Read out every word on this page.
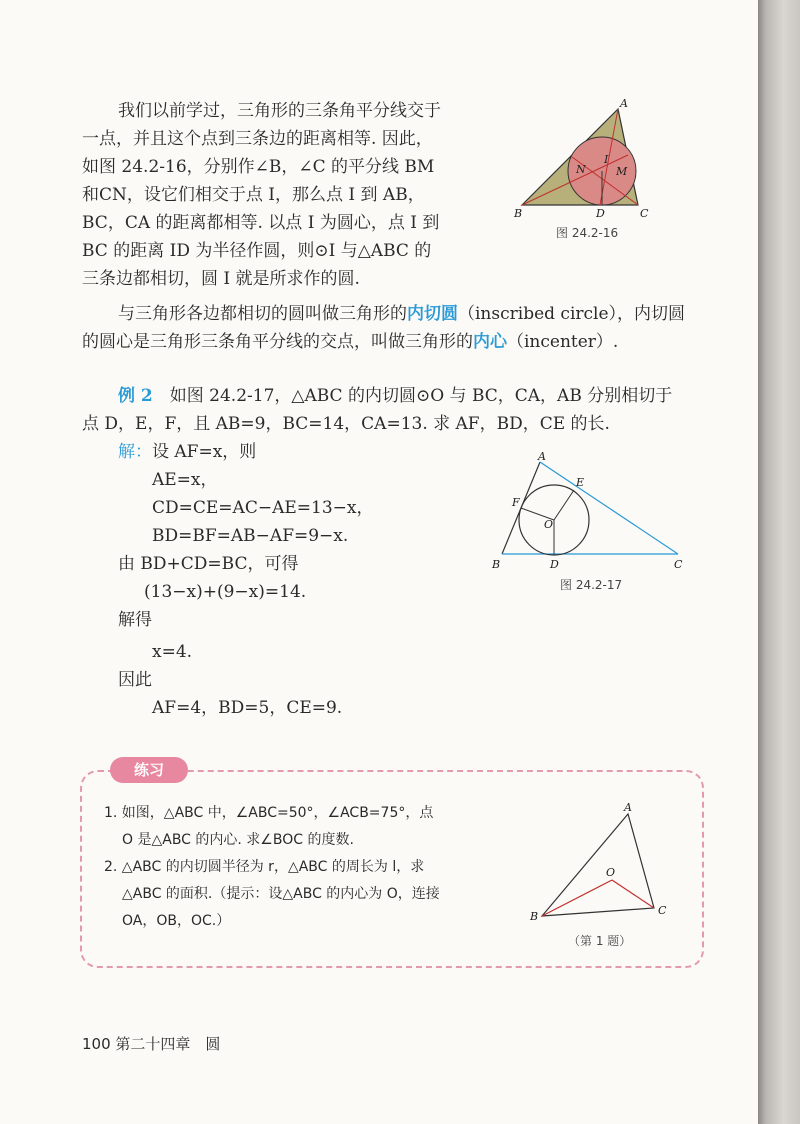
我们以前学过，三角形的三条角平分线交于
一点，并且这个点到三条边的距离相等. 因此，
如图 24.2-16，分别作∠B，∠C 的平分线 BM
和CN，设它们相交于点 I，那么点 I 到 AB，
BC，CA 的距离都相等. 以点 I 为圆心，点 I 到
BC 的距离 ID 为半径作圆，则⊙I 与△ABC 的
三条边都相切，圆 I 就是所求作的圆.
A
B	C
D
I
M
N
图 24.2-16
与三角形各边都相切的圆叫做三角形的内切圆（inscribed circle），内切圆
的圆心是三角形三条角平分线的交点，叫做三角形的内心（incenter）.
例 2　 如图 24.2-17，△ABC 的内切圆⊙O 与 BC，CA，AB 分别相切于
点 D，E，F，且 AB=9，BC=14，CA=13. 求 AF，BD，CE 的长.
解：设 AF=x，则
AE=x，
CD=CE=AC−AE=13−x，
BD=BF=AB−AF=9−x.
由 BD+CD=BC，可得
(13−x)+(9−x)=14.
解得
x=4.
因此
AF=4，BD=5，CE=9.
A
B	C
D
E
F
O
图 24.2-17
练习
1. 如图，△ABC 中，∠ABC=50°，∠ACB=75°，点
O 是△ABC 的内心. 求∠BOC 的度数.
2. △ABC 的内切圆半径为 r，△ABC 的周长为 l，求
△ABC 的面积.（提示：设△ABC 的内心为 O，连接
OA，OB，OC.）
A
B	C
O
（第 1 题）
100 第二十四章　圆
